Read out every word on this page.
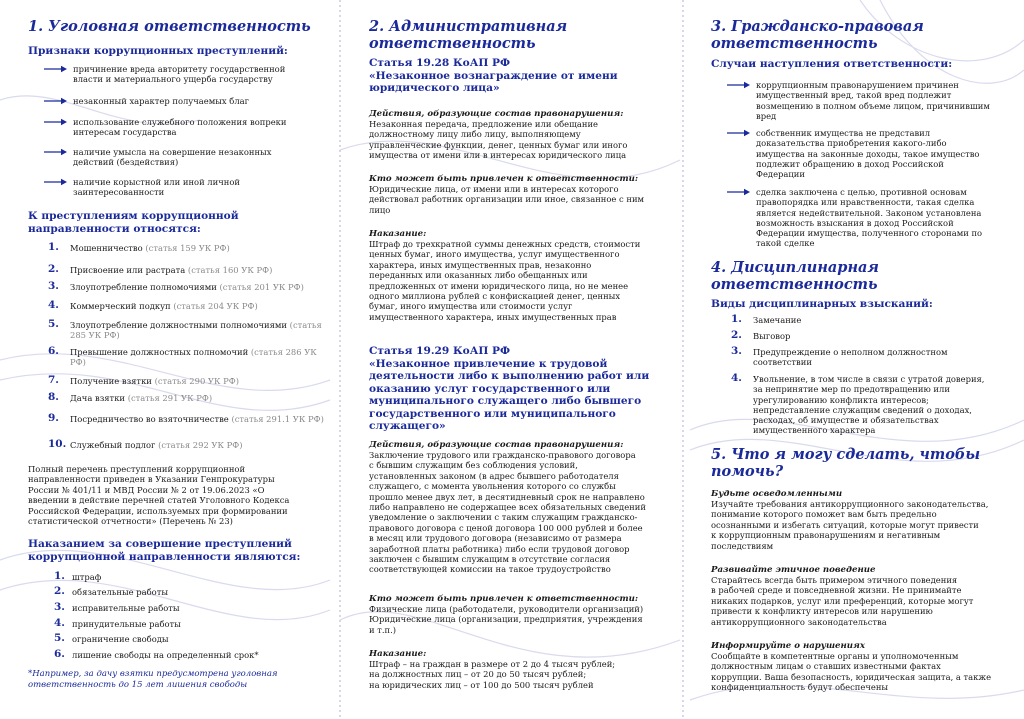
1. Уголовная ответственность
Признаки коррупционных преступлений:
причинение вреда авторитету государственной
власти и материального ущерба государству
незаконный характер получаемых благ
использование служебного положения вопреки
интересам государства
наличие умысла на совершение незаконных
действий (бездействия)
наличие корыстной или иной личной
заинтересованности
К преступлениям коррупционной
направленности относятся:
1. Мошенничество (статья 159 УК РФ)
2. Присвоение или растрата (статья 160 УК РФ)
3. Злоупотребление полномочиями (статья 201 УК РФ)
4. Коммерческий подкуп (статья 204 УК РФ)
5. Злоупотребление должностными полномочиями (статья 285 УК РФ)
6. Превышение должностных полномочий (статья 286 УК РФ)
7. Получение взятки (статья 290 УК РФ)
8. Дача взятки (статья 291 УК РФ)
9. Посредничество во взяточничестве (статья 291.1 УК РФ)
10. Служебный подлог (статья 292 УК РФ)
Полный перечень преступлений коррупционной
направленности приведен в Указании Генпрокуратуры
России № 401/11 и МВД России № 2 от 19.06.2023 «О
введении в действие перечней статей Уголовного Кодекса
Российской Федерации, используемых при формировании
статистической отчетности» (Перечень № 23)
Наказанием за совершение преступлений
коррупционной направленности являются:
1. штраф
2. обязательные работы
3. исправительные работы
4. принудительные работы
5. ограничение свободы
6. лишение свободы на определенный срок*
*Например, за дачу взятки предусмотрена уголовная
ответственность до 15 лет лишения свободы
2. Административная
ответственность
Статья 19.28 КоАП РФ
«Незаконное вознаграждение от имени
юридического лица»
Действия, образующие состав правонарушения:
Незаконная передача, предложение или обещание
должностному лицу либо лицу, выполняющему
управленческие функции, денег, ценных бумаг или иного
имущества от имени или в интересах юридического лица
Кто может быть привлечен к ответственности:
Юридические лица, от имени или в интересах которого
действовал работник организации или иное, связанное с ним
лицо
Наказание:
Штраф до трехкратной суммы денежных средств, стоимости
ценных бумаг, иного имущества, услуг имущественного
характера, иных имущественных прав, незаконно
переданных или оказанных либо обещанных или
предложенных от имени юридического лица, но не менее
одного миллиона рублей с конфискацией денег, ценных
бумаг, иного имущества или стоимости услуг
имущественного характера, иных имущественных прав
Статья 19.29 КоАП РФ
«Незаконное привлечение к трудовой
деятельности либо к выполнению работ или
оказанию услуг государственного или
муниципального служащего либо бывшего
государственного или муниципального
служащего»
Действия, образующие состав правонарушения:
Заключение трудового или гражданско-правового договора
с бывшим служащим без соблюдения условий,
установленных законом (в адрес бывшего работодателя
служащего, с момента увольнения которого со службы
прошло менее двух лет, в десятидневный срок не направлено
либо направлено не содержащее всех обязательных сведений
уведомление о заключении с таким служащим гражданско-
правового договора с ценой договора 100 000 рублей и более
в месяц или трудового договора (независимо от размера
заработной платы работника) либо если трудовой договор
заключен с бывшим служащим в отсутствие согласия
соответствующей комиссии на такое трудоустройство
Кто может быть привлечен к ответственности:
Физические лица (работодатели, руководители организаций)
Юридические лица (организации, предприятия, учреждения
и т.п.)
Наказание:
Штраф – на граждан в размере от 2 до 4 тысяч рублей;
на должностных лиц – от 20 до 50 тысяч рублей;
на юридических лиц – от 100 до 500 тысяч рублей
3. Гражданско-правовая
ответственность
Случаи наступления ответственности:
коррупционным правонарушением причинен
имущественный вред, такой вред подлежит
возмещению в полном объеме лицом, причинившим
вред
собственник имущества не представил
доказательства приобретения какого-либо
имущества на законные доходы, такое имущество
подлежит обращению в доход Российской
Федерации
сделка заключена с целью, противной основам
правопорядка или нравственности, такая сделка
является недействительной. Законом установлена
возможность взыскания в доход Российской
Федерации имущества, полученного сторонами по
такой сделке
4. Дисциплинарная
ответственность
Виды дисциплинарных взысканий:
1. Замечание
2. Выговор
3. Предупреждение о неполном должностном
соответствии
4. Увольнение, в том числе в связи с утратой доверия,
за непринятие мер по предотвращению или
урегулированию конфликта интересов;
непредставление служащим сведений о доходах,
расходах, об имуществе и обязательствах
имущественного характера
5. Что я могу сделать, чтобы
помочь?
Будьте осведомленными
Изучайте требования антикоррупционного законодательства,
понимание которого поможет вам быть предельно
осознанными и избегать ситуаций, которые могут привести
к коррупционным правонарушениям и негативным
последствиям
Развивайте этичное поведение
Старайтесь всегда быть примером этичного поведения
в рабочей среде и повседневной жизни. Не принимайте
никаких подарков, услуг или преференций, которые могут
привести к конфликту интересов или нарушению
антикоррупционного законодательства
Информируйте о нарушениях
Сообщайте в компетентные органы и уполномоченным
должностным лицам о ставших известными фактах
коррупции. Ваша безопасность, юридическая защита, а также
конфиденциальность будут обеспечены
